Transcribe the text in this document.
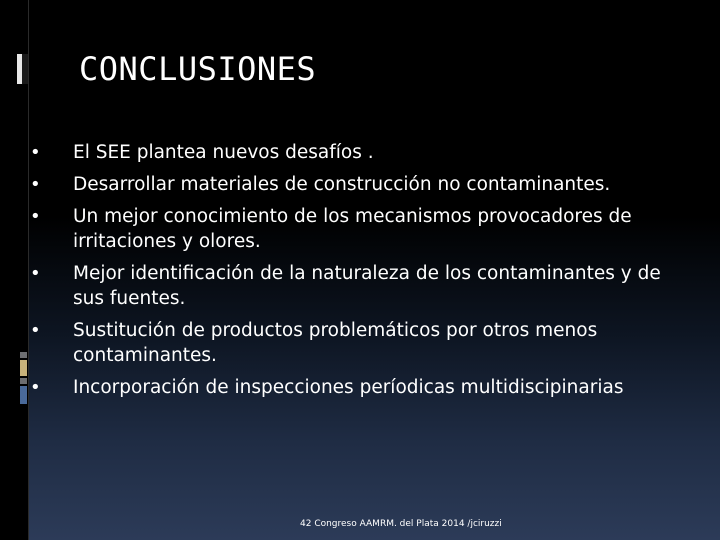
CONCLUSIONES
•	El SEE plantea nuevos desafíos .
•	Desarrollar materiales de construcción no contaminantes.
•	Un mejor conocimiento de los mecanismos provocadores de irritaciones y olores.
•	Mejor identificación de la naturaleza de los contaminantes y de sus fuentes.
•	Sustitución de productos problemáticos por otros menos contaminantes.
•	Incorporación de inspecciones períodicas multidiscipinarias
42 Congreso AAMRM. del Plata 2014 /jciruzzi
